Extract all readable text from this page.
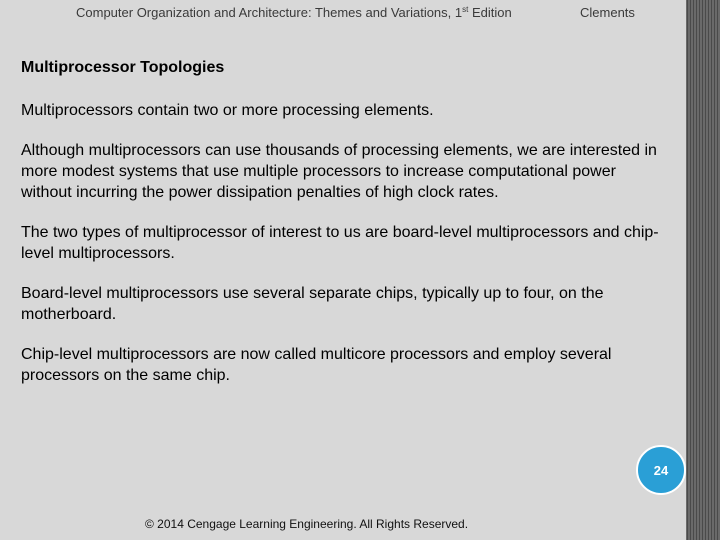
Computer Organization and Architecture: Themes and Variations, 1st Edition	Clements
Multiprocessor Topologies

Multiprocessors contain two or more processing elements.

Although multiprocessors can use thousands of processing elements, we are interested in more modest systems that use multiple processors to increase computational power without incurring the power dissipation penalties of high clock rates.

The two types of multiprocessor of interest to us are board-level multiprocessors and chip-level multiprocessors.

Board-level multiprocessors use several separate chips, typically up to four, on the motherboard.

Chip-level multiprocessors are now called multicore processors and employ several processors on the same chip.

24
© 2014 Cengage Learning Engineering. All Rights Reserved.
